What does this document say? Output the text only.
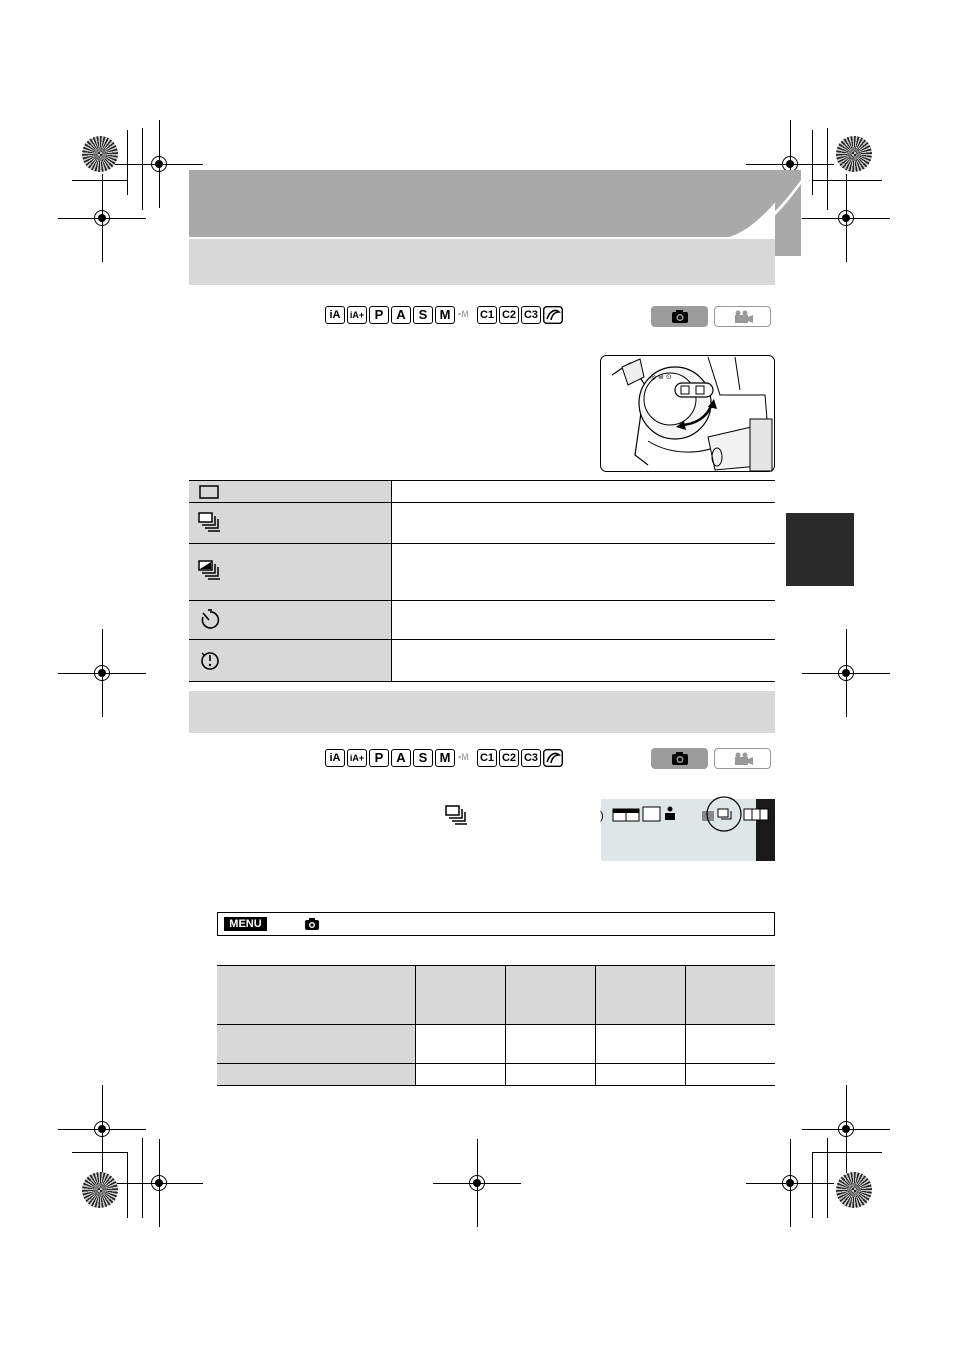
iA	iA+ P A S M ▪M	C1 C2 C3
◎ ⊛ ⊙
iA	iA+ P A S M ▪M	C1 C2 C3
)
MENU
